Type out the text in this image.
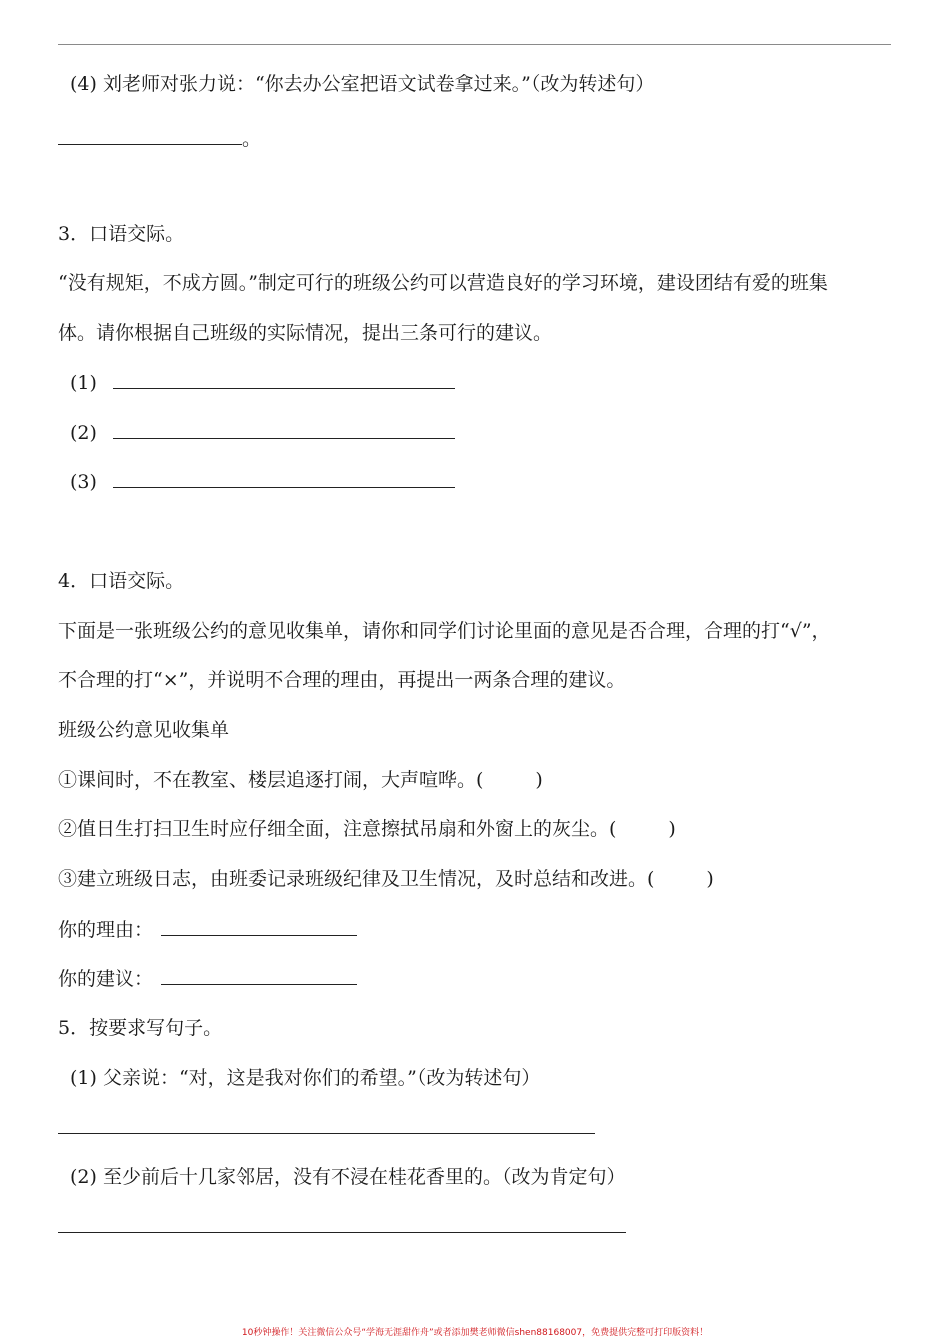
(4) 刘老师对张力说：“你去办公室把语文试卷拿过来。”（改为转述句）
。
3．口语交际。
“没有规矩，不成方圆。”制定可行的班级公约可以营造良好的学习环境，建设团结有爱的班集
体。请你根据自己班级的实际情况，提出三条可行的建议。
(1)
(2)
(3)
4．口语交际。
下面是一张班级公约的意见收集单，请你和同学们讨论里面的意见是否合理，合理的打“√”，
不合理的打“×”，并说明不合理的理由，再提出一两条合理的建议。
班级公约意见收集单
①课间时，不在教室、楼层追逐打闹，大声喧哗。(	)
②值日生打扫卫生时应仔细全面，注意擦拭吊扇和外窗上的灰尘。(	)
③建立班级日志，由班委记录班级纪律及卫生情况，及时总结和改进。(	)
你的理由：
你的建议：
5．按要求写句子。
(1) 父亲说：“对，这是我对你们的希望。”（改为转述句）
(2) 至少前后十几家邻居，没有不浸在桂花香里的。（改为肯定句）
10秒钟操作！关注微信公众号“学海无涯甜作舟”或者添加樊老师微信shen88168007，免费提供完整可打印版资料！
